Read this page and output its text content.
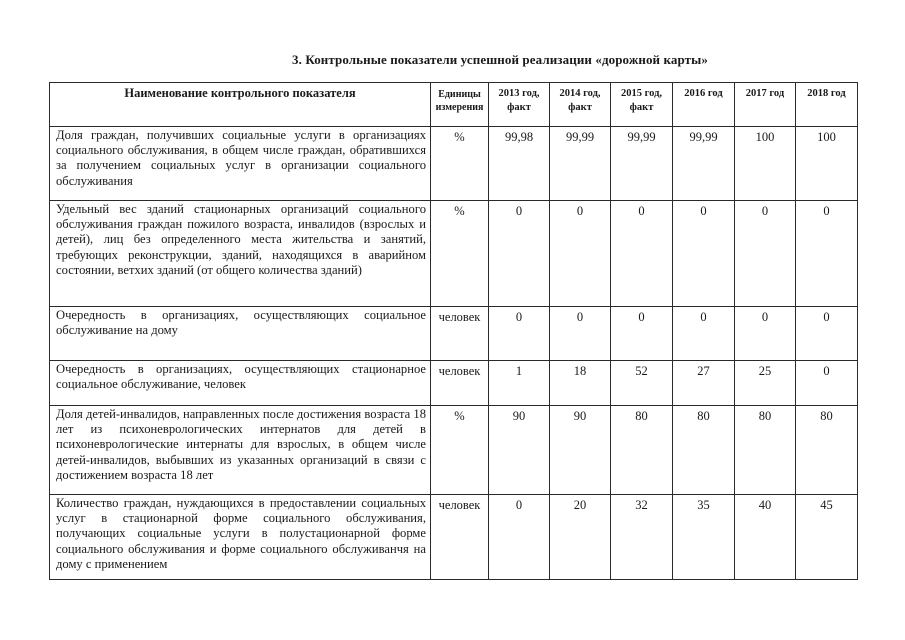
3. Контрольные показатели успешной реализации «дорожной карты»
Наименование контрольного показателя	Единицы измерения	2013 год, факт	2014 год, факт	2015 год, факт	2016 год	2017 год	2018 год
Доля граждан, получивших социальные услуги в организациях социального обслуживания, в общем числе граждан, обратившихся за получением социальных услуг в организации социального обслуживания	%	99,98	99,99	99,99	99,99	100	100
Удельный вес зданий стационарных организаций социального обслуживания граждан пожилого возраста, инвалидов (взрослых и детей), лиц без определенного места жительства и занятий, требующих реконструкции, зданий, находящихся в аварийном состоянии, ветхих зданий (от общего количества зданий)	%	0	0	0	0	0	0
Очередность в организациях, осуществляющих социальное обслуживание на дому	человек	0	0	0	0	0	0
Очередность в организациях, осуществляющих стационарное социальное обслуживание, человек	человек	1	18	52	27	25	0
Доля детей-инвалидов, направленных после достижения возраста 18 лет из психоневрологических интернатов для детей в психоневрологические интернаты для взрослых, в общем числе детей-инвалидов, выбывших из указанных организаций в связи с достижением возраста 18 лет	%	90	90	80	80	80	80

Количество граждан, нуждающихся в предоставлении социальных услуг в стационарной форме социального обслуживания, получающих социальные услуги в полустационарной форме социального обслуживания и форме социального обслуживанчя на дому с применением	человек	0	20	32	35	40	45
